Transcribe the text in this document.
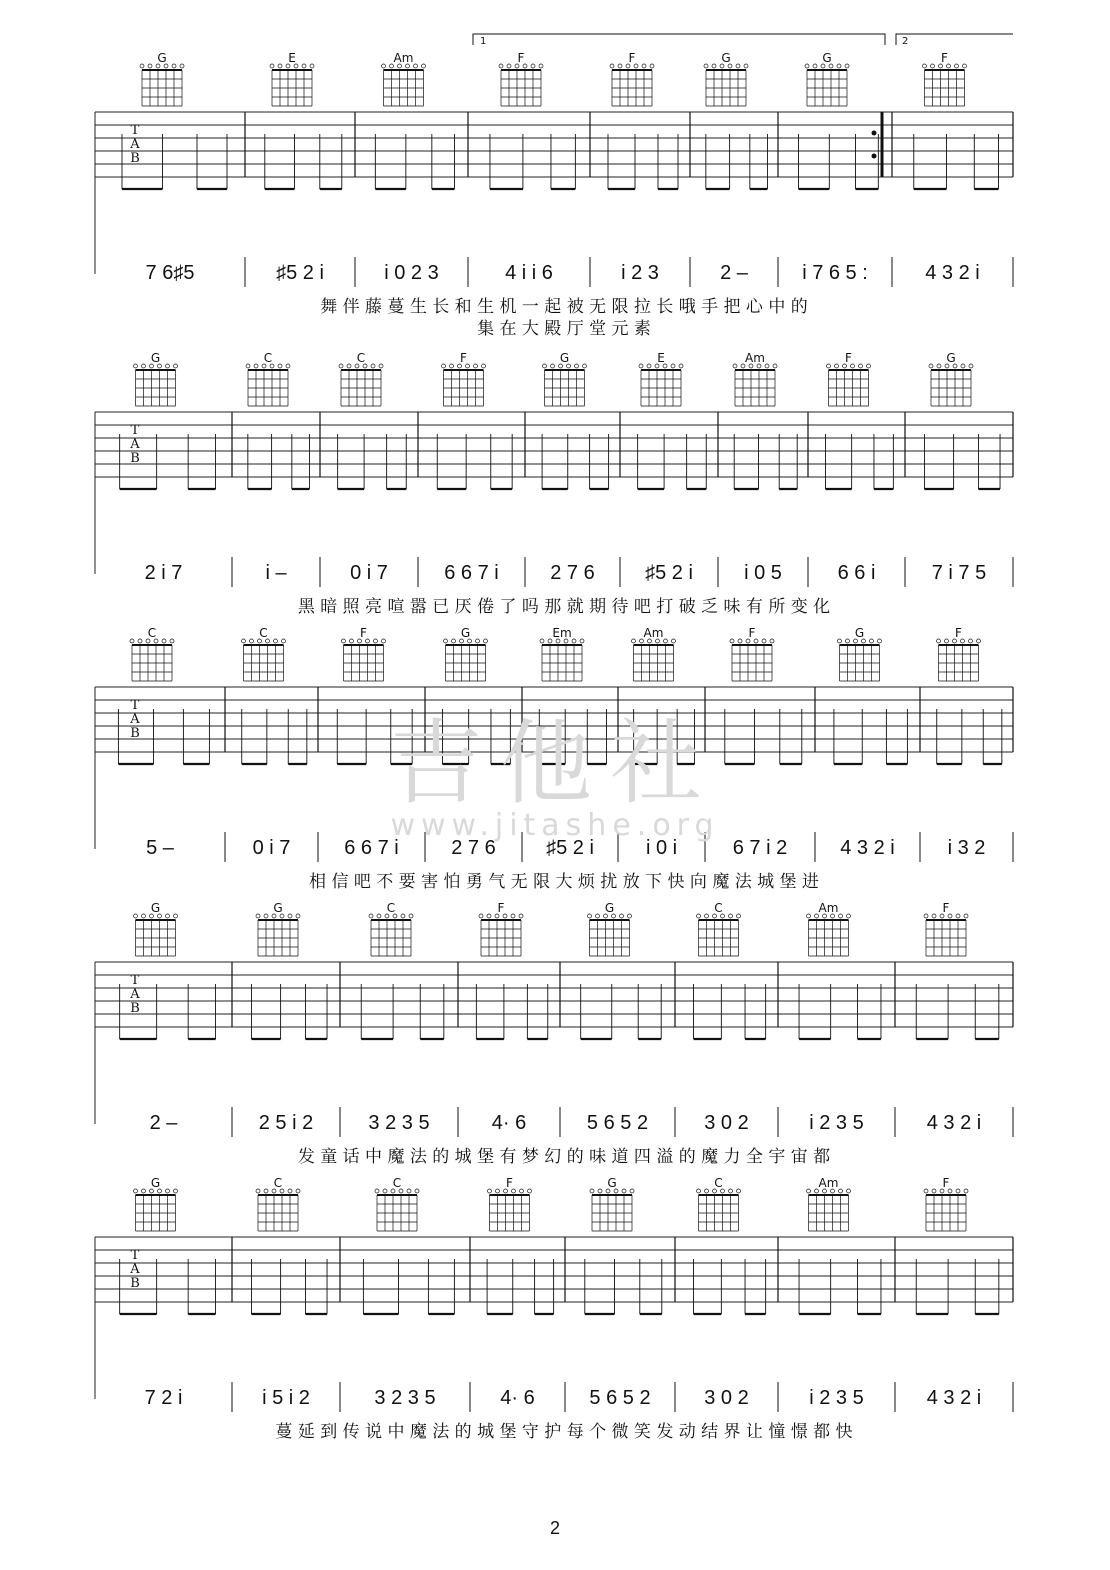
1	2
T
A
B
G
7 6♯5
E
♯5 2 i
Am
i 0 2 3
F
4 i i 6
F
i 2 3
G
2 –
G
i 7 6 5 :
F
4 3 2 i
舞 伴 藤 蔓 生 长 和 生 机 一 起 被 无 限 拉 长 哦 手 把 心 中 的
集 在 大 殿 厅 堂 元 素
T
A
B
G
2 i 7
C
i –
C
0 i 7
F
6 6 7 i
G
2 7 6
E
♯5 2 i
Am
i 0 5
F
6 6 i
G
7 i 7 5
黑 暗 照 亮 喧 嚣 已 厌 倦 了 吗 那 就 期 待 吧 打 破 乏 味 有 所 变 化
T
A
B
C
5 –
C
0 i 7
F
6 6 7 i
G
2 7 6
Em
♯5 2 i
Am
i 0 i
F
6 7 i 2
G
4 3 2 i
F
i 3 2
相 信 吧 不 要 害 怕 勇 气 无 限 大 烦 扰 放 下 快 向 魔 法 城 堡 进
T
A
B
G
2 –
G
2 5 i 2
C
3 2 3 5
F
4· 6
G
5 6 5 2
C
3 0 2
Am
i 2 3 5
F
4 3 2 i
发 童 话 中 魔 法 的 城 堡 有 梦 幻 的 味 道 四 溢 的 魔 力 全 宇 宙 都
T
A
B
G
7 2 i
C
i 5 i 2
C
3 2 3 5
F
4· 6
G
5 6 5 2
C
3 0 2
Am
i 2 3 5
F
4 3 2 i
蔓 延 到 传 说 中 魔 法 的 城 堡 守 护 每 个 微 笑 发 动 结 界 让 憧 憬 都 快
吉他社
www.jitashe.org
2
